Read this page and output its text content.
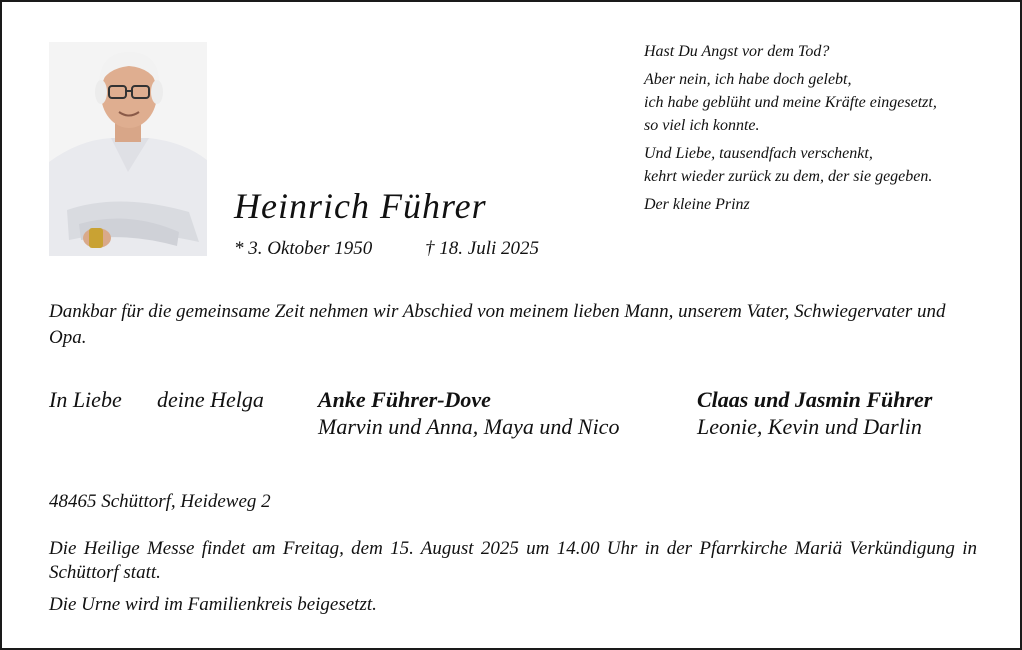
Heinrich Führer
* 3. Oktober 1950	† 18. Juli 2025
Hast Du Angst vor dem Tod?
Aber nein, ich habe doch gelebt,
ich habe geblüht und meine Kräfte eingesetzt,
so viel ich konnte.
Und Liebe, tausendfach verschenkt,
kehrt wieder zurück zu dem, der sie gegeben.
Der kleine Prinz
Dankbar für die gemeinsame Zeit nehmen wir Abschied von meinem lieben Mann, unserem Vater, Schwiegervater und Opa.
In Liebe deine Helga Anke Führer-Dove
Marvin und Anna, Maya und Nico
Claas und Jasmin Führer
Leonie, Kevin und Darlin
48465 Schüttorf, Heideweg 2
Die Heilige Messe findet am Freitag, dem 15. August 2025 um 14.00 Uhr in der Pfarrkirche Mariä Verkündigung in Schüttorf statt.
Die Urne wird im Familienkreis beigesetzt.
